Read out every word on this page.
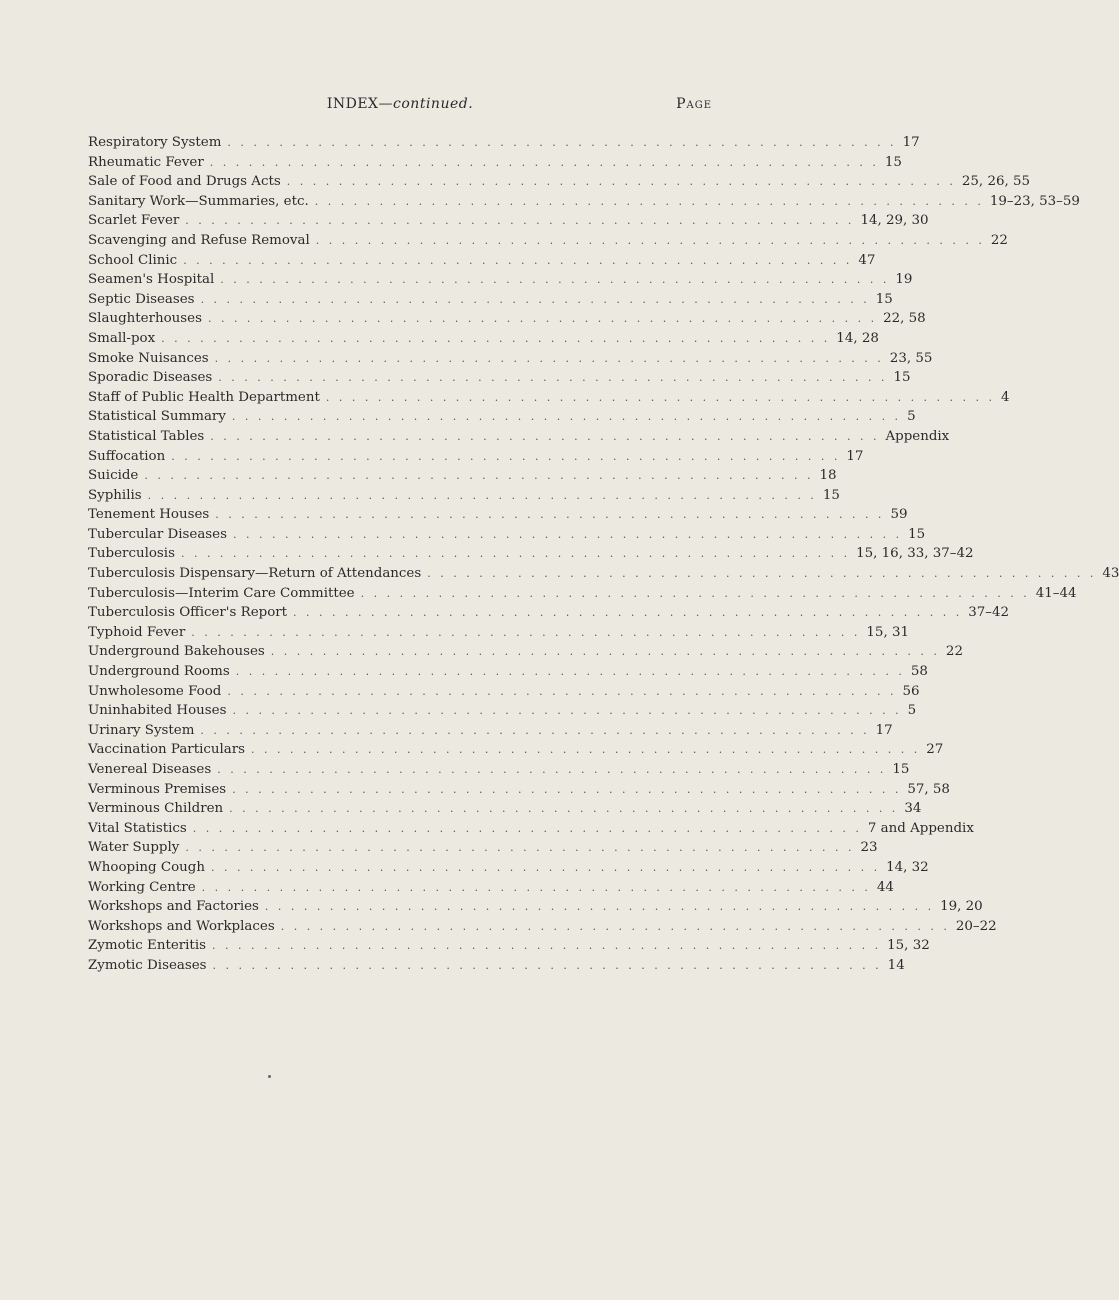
INDEX—continued.	Page
Respiratory System . . . . . . . . . . . . . . . . . . . . . . . . . . . . . . . . . . . . . . . . . . . . . . . . . . . . 17
Rheumatic Fever . . . . . . . . . . . . . . . . . . . . . . . . . . . . . . . . . . . . . . . . . . . . . . . . . . . . 15
Sale of Food and Drugs Acts . . . . . . . . . . . . . . . . . . . . . . . . . . . . . . . . . . . . . . . . . . . . . . . . . . . . 25, 26, 55
Sanitary Work—Summaries, etc. . . . . . . . . . . . . . . . . . . . . . . . . . . . . . . . . . . . . . . . . . . . . . . . . . . . . 19–23, 53–59
Scarlet Fever . . . . . . . . . . . . . . . . . . . . . . . . . . . . . . . . . . . . . . . . . . . . . . . . . . . . 14, 29, 30
Scavenging and Refuse Removal . . . . . . . . . . . . . . . . . . . . . . . . . . . . . . . . . . . . . . . . . . . . . . . . . . . . 22
School Clinic . . . . . . . . . . . . . . . . . . . . . . . . . . . . . . . . . . . . . . . . . . . . . . . . . . . . 47
Seamen's Hospital . . . . . . . . . . . . . . . . . . . . . . . . . . . . . . . . . . . . . . . . . . . . . . . . . . . . 19
Septic Diseases . . . . . . . . . . . . . . . . . . . . . . . . . . . . . . . . . . . . . . . . . . . . . . . . . . . . 15
Slaughterhouses . . . . . . . . . . . . . . . . . . . . . . . . . . . . . . . . . . . . . . . . . . . . . . . . . . . . 22, 58
Small-pox . . . . . . . . . . . . . . . . . . . . . . . . . . . . . . . . . . . . . . . . . . . . . . . . . . . . 14, 28
Smoke Nuisances . . . . . . . . . . . . . . . . . . . . . . . . . . . . . . . . . . . . . . . . . . . . . . . . . . . . 23, 55
Sporadic Diseases . . . . . . . . . . . . . . . . . . . . . . . . . . . . . . . . . . . . . . . . . . . . . . . . . . . . 15
Staff of Public Health Department . . . . . . . . . . . . . . . . . . . . . . . . . . . . . . . . . . . . . . . . . . . . . . . . . . . . 4
Statistical Summary . . . . . . . . . . . . . . . . . . . . . . . . . . . . . . . . . . . . . . . . . . . . . . . . . . . . 5
Statistical Tables . . . . . . . . . . . . . . . . . . . . . . . . . . . . . . . . . . . . . . . . . . . . . . . . . . . . Appendix
Suffocation . . . . . . . . . . . . . . . . . . . . . . . . . . . . . . . . . . . . . . . . . . . . . . . . . . . . 17
Suicide . . . . . . . . . . . . . . . . . . . . . . . . . . . . . . . . . . . . . . . . . . . . . . . . . . . . 18
Syphilis . . . . . . . . . . . . . . . . . . . . . . . . . . . . . . . . . . . . . . . . . . . . . . . . . . . . 15
Tenement Houses . . . . . . . . . . . . . . . . . . . . . . . . . . . . . . . . . . . . . . . . . . . . . . . . . . . . 59
Tubercular Diseases . . . . . . . . . . . . . . . . . . . . . . . . . . . . . . . . . . . . . . . . . . . . . . . . . . . . 15
Tuberculosis . . . . . . . . . . . . . . . . . . . . . . . . . . . . . . . . . . . . . . . . . . . . . . . . . . . . 15, 16, 33, 37–42
Tuberculosis Dispensary—Return of Attendances . . . . . . . . . . . . . . . . . . . . . . . . . . . . . . . . . . . . . . . . . . . . . . . . . . . . 43
Tuberculosis—Interim Care Committee . . . . . . . . . . . . . . . . . . . . . . . . . . . . . . . . . . . . . . . . . . . . . . . . . . . . 41–44
Tuberculosis Officer's Report . . . . . . . . . . . . . . . . . . . . . . . . . . . . . . . . . . . . . . . . . . . . . . . . . . . . 37–42
Typhoid Fever . . . . . . . . . . . . . . . . . . . . . . . . . . . . . . . . . . . . . . . . . . . . . . . . . . . . 15, 31
Underground Bakehouses . . . . . . . . . . . . . . . . . . . . . . . . . . . . . . . . . . . . . . . . . . . . . . . . . . . . 22
Underground Rooms . . . . . . . . . . . . . . . . . . . . . . . . . . . . . . . . . . . . . . . . . . . . . . . . . . . . 58
Unwholesome Food . . . . . . . . . . . . . . . . . . . . . . . . . . . . . . . . . . . . . . . . . . . . . . . . . . . . 56
Uninhabited Houses . . . . . . . . . . . . . . . . . . . . . . . . . . . . . . . . . . . . . . . . . . . . . . . . . . . . 5
Urinary System . . . . . . . . . . . . . . . . . . . . . . . . . . . . . . . . . . . . . . . . . . . . . . . . . . . . 17
Vaccination Particulars . . . . . . . . . . . . . . . . . . . . . . . . . . . . . . . . . . . . . . . . . . . . . . . . . . . . 27
Venereal Diseases . . . . . . . . . . . . . . . . . . . . . . . . . . . . . . . . . . . . . . . . . . . . . . . . . . . . 15
Verminous Premises . . . . . . . . . . . . . . . . . . . . . . . . . . . . . . . . . . . . . . . . . . . . . . . . . . . . 57, 58
Verminous Children . . . . . . . . . . . . . . . . . . . . . . . . . . . . . . . . . . . . . . . . . . . . . . . . . . . . 34
Vital Statistics . . . . . . . . . . . . . . . . . . . . . . . . . . . . . . . . . . . . . . . . . . . . . . . . . . . . 7 and Appendix
Water Supply . . . . . . . . . . . . . . . . . . . . . . . . . . . . . . . . . . . . . . . . . . . . . . . . . . . . 23
Whooping Cough . . . . . . . . . . . . . . . . . . . . . . . . . . . . . . . . . . . . . . . . . . . . . . . . . . . . 14, 32
Working Centre . . . . . . . . . . . . . . . . . . . . . . . . . . . . . . . . . . . . . . . . . . . . . . . . . . . . 44
Workshops and Factories . . . . . . . . . . . . . . . . . . . . . . . . . . . . . . . . . . . . . . . . . . . . . . . . . . . . 19, 20
Workshops and Workplaces . . . . . . . . . . . . . . . . . . . . . . . . . . . . . . . . . . . . . . . . . . . . . . . . . . . . 20–22
Zymotic Enteritis . . . . . . . . . . . . . . . . . . . . . . . . . . . . . . . . . . . . . . . . . . . . . . . . . . . . 15, 32
Zymotic Diseases . . . . . . . . . . . . . . . . . . . . . . . . . . . . . . . . . . . . . . . . . . . . . . . . . . . . 14
